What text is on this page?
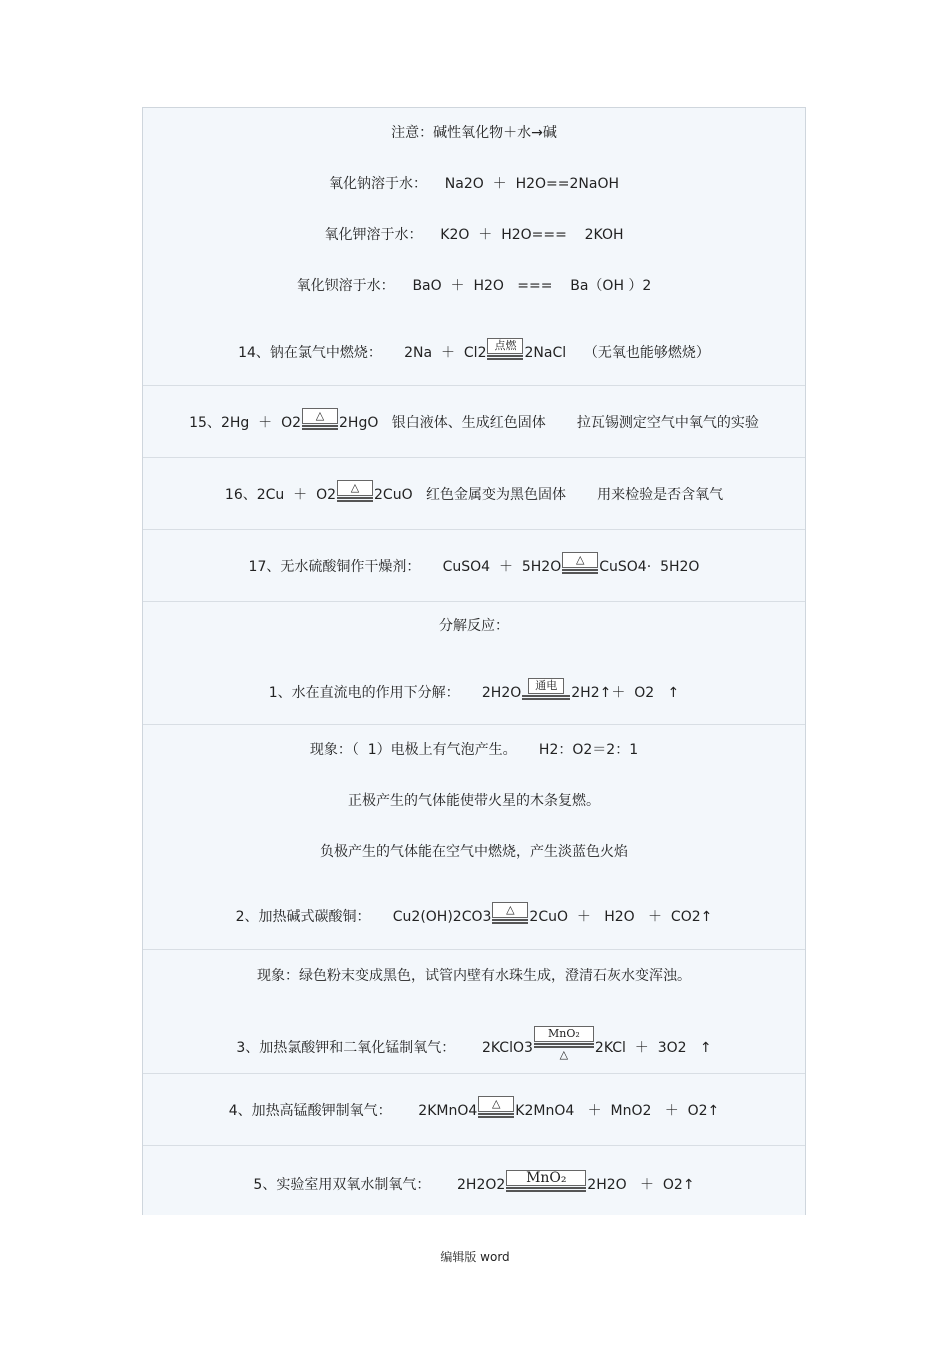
注意：碱性氧化物＋水→碱
氧化钠溶于水：    Na2O  ＋  H2O==2NaOH
氧化钾溶于水：    K2O  ＋  H2O===    2KOH
氧化钡溶于水：    BaO  ＋  H2O   ===    Ba（OH ）2
14、钠在氯气中燃烧：     2Na  ＋  Cl2 点燃 2NaCl    （无氧也能够燃烧）
15、2Hg  ＋  O2	△	2HgO   银白液体、生成红色固体       拉瓦锡测定空气中氧气的实验
16、2Cu  ＋  O2	△	2CuO   红色金属变为黑色固体       用来检验是否含氧气
17、无水硫酸铜作干燥剂：     CuSO4  ＋  5H2O	△	CuSO4·  5H2O
分解反应：
1、水在直流电的作用下分解：     2H2O	通电	2H2↑＋  O2   ↑
现象：（  1）电极上有气泡产生。     H2：O2＝2：1
正极产生的气体能使带火星的木条复燃。
负极产生的气体能在空气中燃烧，产生淡蓝色火焰
2、加热碱式碳酸铜：     Cu2(OH)2CO3	△	2CuO  ＋   H2O   ＋  CO2↑
现象：绿色粉末变成黑色，试管内壁有水珠生成，澄清石灰水变浑浊。
3、加热氯酸钾和二氧化锰制氧气：      2KClO3
MnO₂
△ 2KCl  ＋  3O2   ↑
4、加热高锰酸钾制氧气：      2KMnO4	△	K2MnO4   ＋  MnO2   ＋  O2↑
5、实验室用双氧水制氧气：      2H2O2	MnO₂	2H2O   ＋  O2↑
编辑版 word
